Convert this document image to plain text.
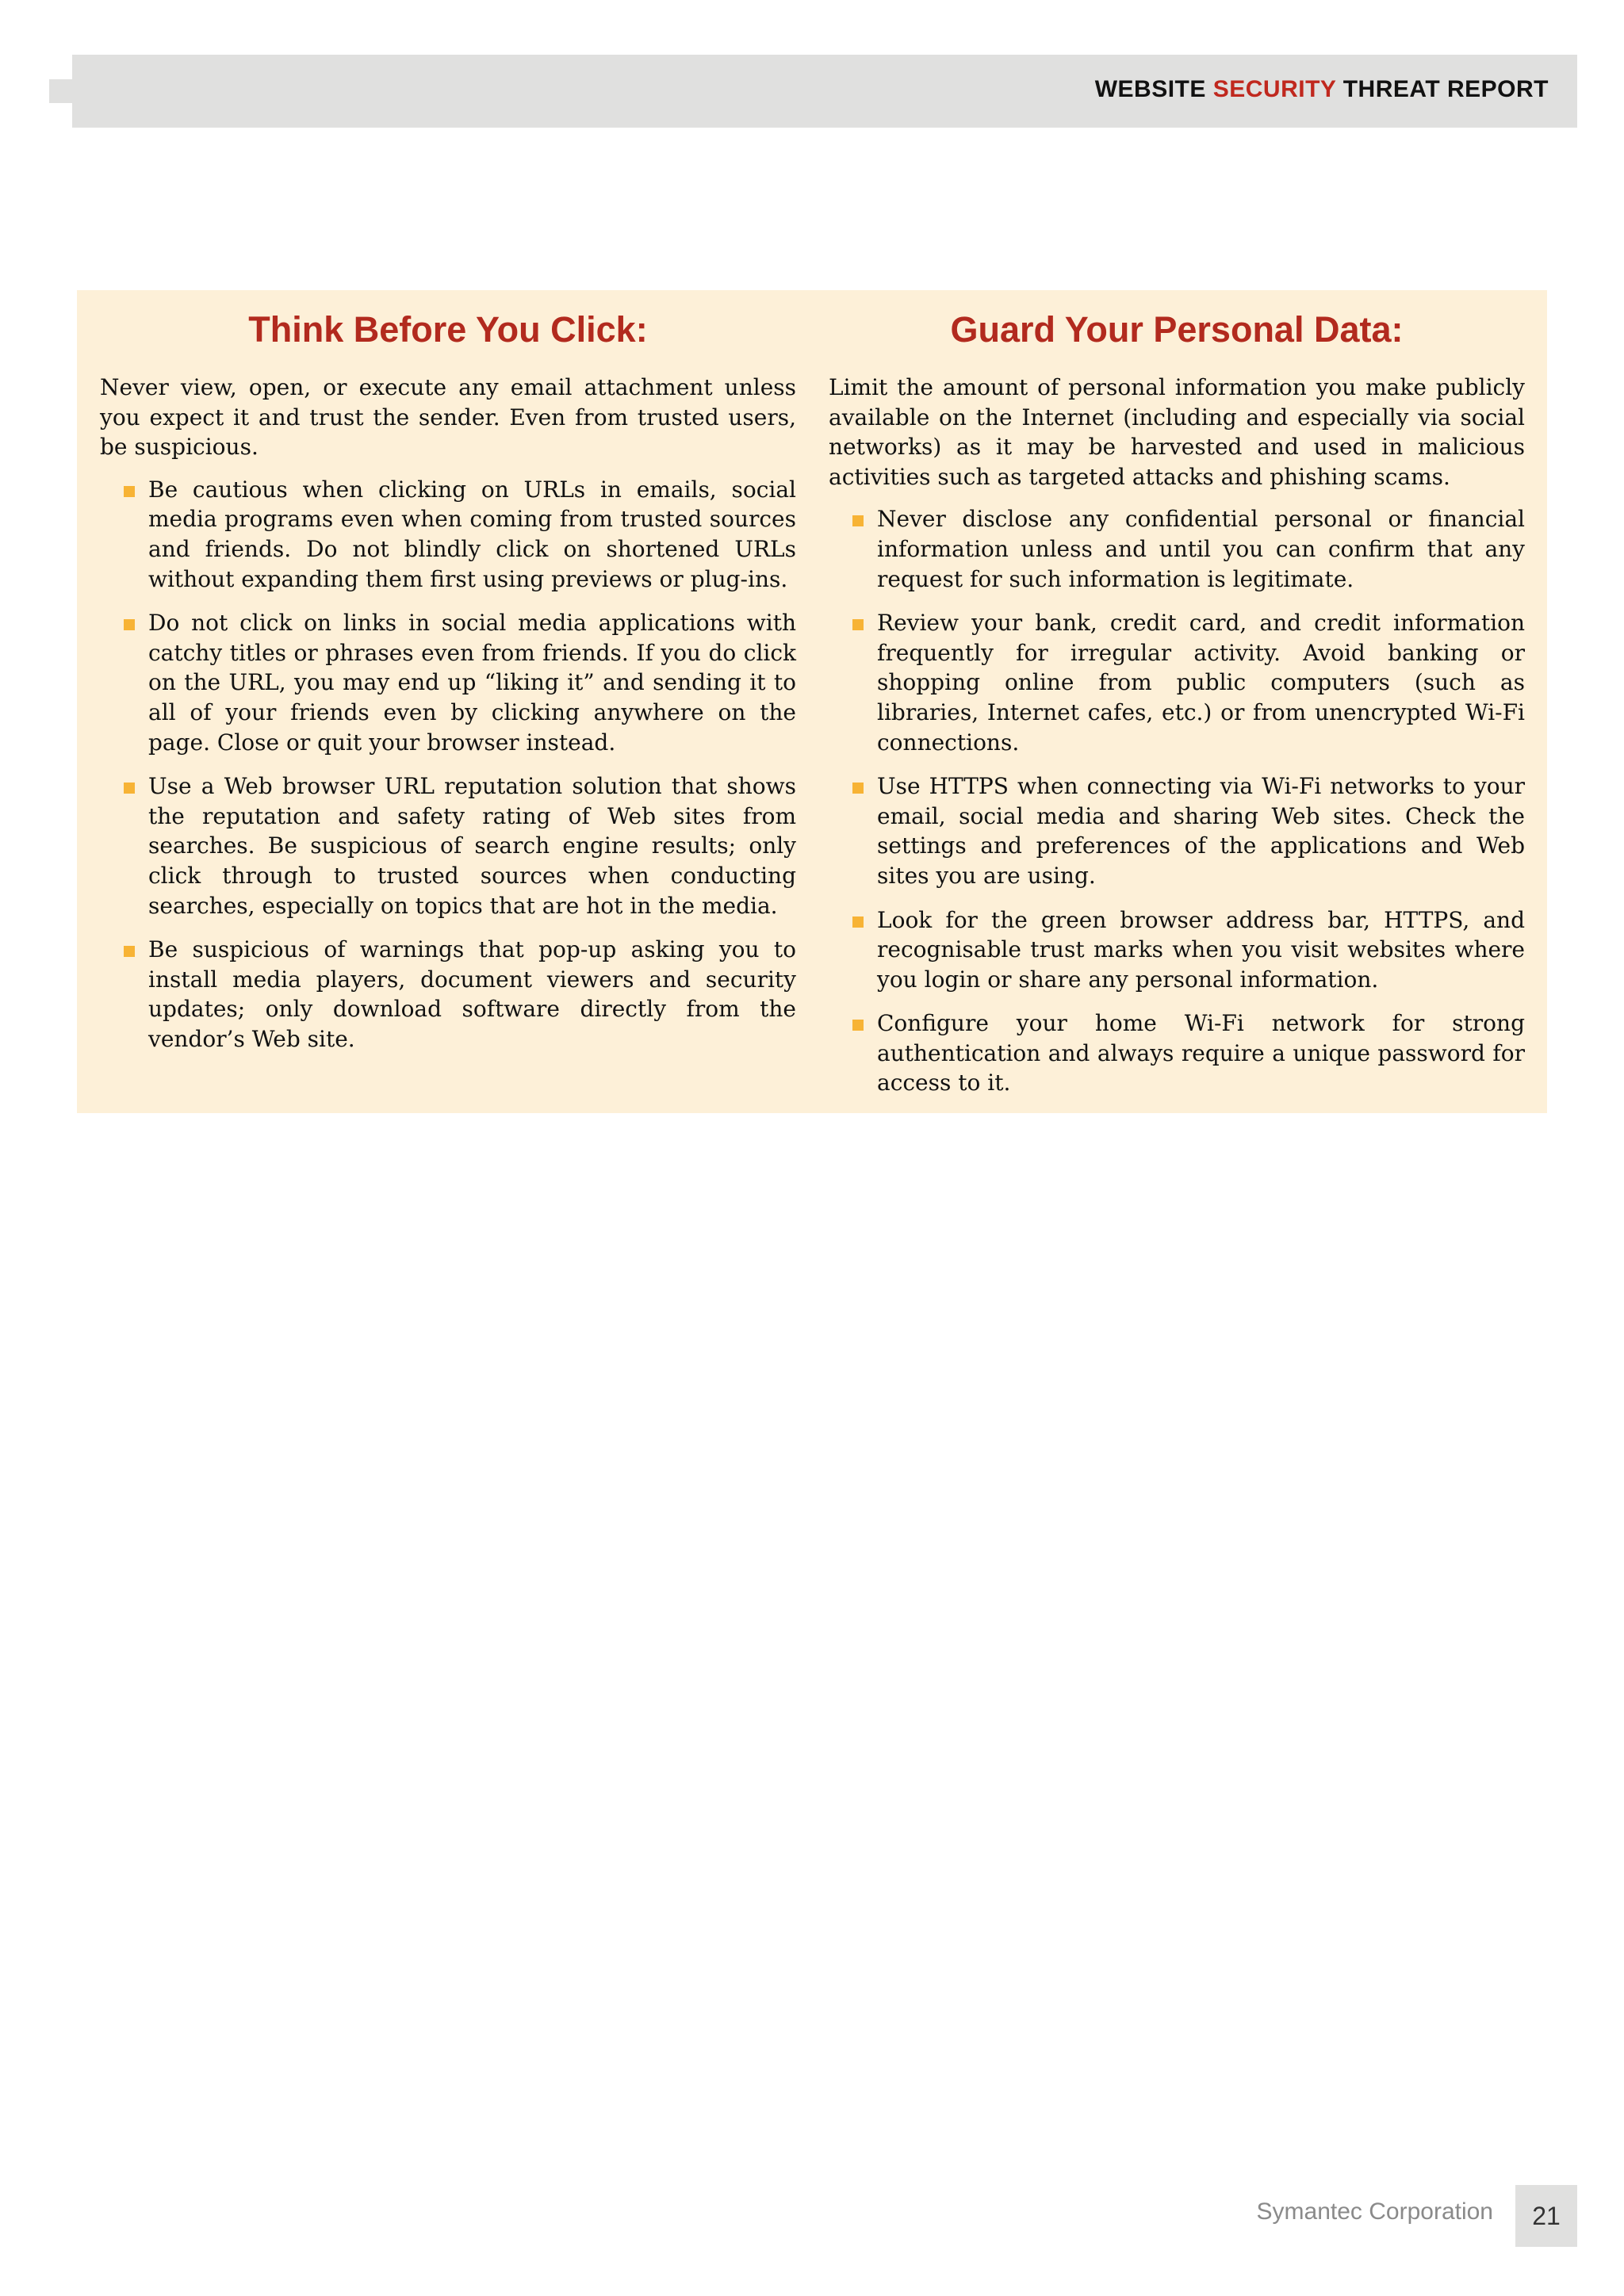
WEBSITE SECURITY THREAT REPORT
Think Before You Click:

Never view, open, or execute any email attachment unless you expect it and trust the sender. Even from trusted users, be suspicious.

Be cautious when clicking on URLs in emails, social media programs even when coming from trusted sources and friends. Do not blindly click on shortened URLs without expanding them first using previews or plug-ins.
Do not click on links in social media applications with catchy titles or phrases even from friends. If you do click on the URL, you may end up “liking it” and sending it to all of your friends even by clicking anywhere on the page. Close or quit your browser instead.
Use a Web browser URL reputation solution that shows the reputation and safety rating of Web sites from searches. Be suspicious of search engine results; only click through to trusted sources when conducting searches, especially on topics that are hot in the media.
Be suspicious of warnings that pop-up asking you to install media players, document viewers and security updates; only download software directly from the vendor’s Web site.
Guard Your Personal Data:

Limit the amount of personal information you make publicly available on the Internet (including and especially via social networks) as it may be harvested and used in malicious activities such as targeted attacks and phishing scams.

Never disclose any confidential personal or financial information unless and until you can confirm that any request for such information is legitimate.
Review your bank, credit card, and credit information frequently for irregular activity. Avoid banking or shopping online from public computers (such as libraries, Internet cafes, etc.) or from unencrypted Wi-Fi connections.
Use HTTPS when connecting via Wi-Fi networks to your email, social media and sharing Web sites. Check the settings and preferences of the applications and Web sites you are using.
Look for the green browser address bar, HTTPS, and recognisable trust marks when you visit websites where you login or share any personal information.
Configure your home Wi-Fi network for strong authentication and always require a unique password for access to it.
Symantec Corporation	21
